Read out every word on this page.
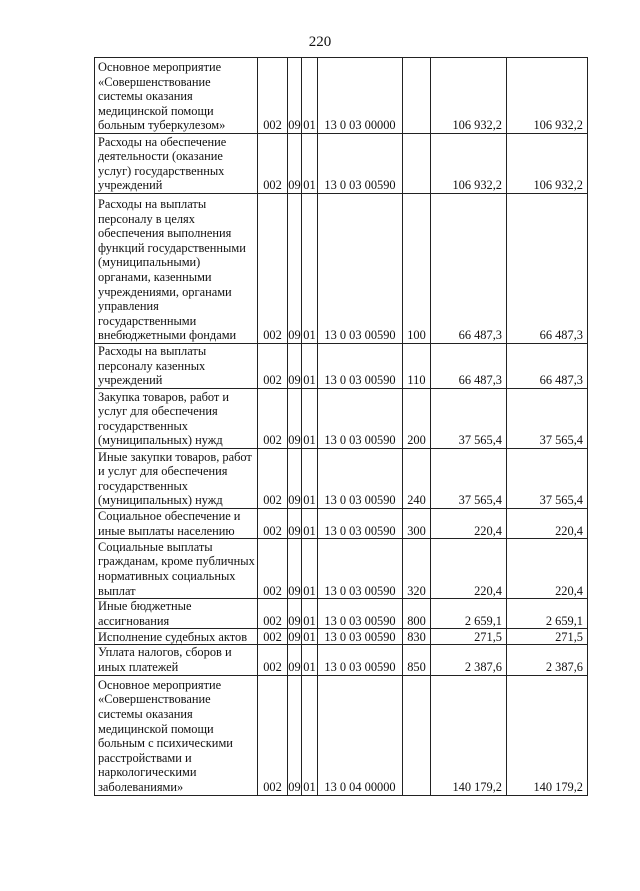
220
Основное мероприятие «Совершенствование системы оказания медицинской помощи больным туберкулезом»	002	09	01	13 0 03 00000		106 932,2	106 932,2
Расходы на обеспечение деятельности (оказание услуг) государственных учреждений	002	09	01	13 0 03 00590		106 932,2	106 932,2
Расходы на выплаты персоналу в целях обеспечения выполнения функций государственными (муниципальными) органами, казенными учреждениями, органами управления государственными внебюджетными фондами	002	09	01	13 0 03 00590	100	66 487,3	66 487,3
Расходы на выплаты персоналу казенных учреждений	002	09	01	13 0 03 00590	110	66 487,3	66 487,3
Закупка товаров, работ и услуг для обеспечения государственных (муниципальных) нужд	002	09	01	13 0 03 00590	200	37 565,4	37 565,4
Иные закупки товаров, работ и услуг для обеспечения государственных (муниципальных) нужд	002	09	01	13 0 03 00590	240	37 565,4	37 565,4
Социальное обеспечение и иные выплаты населению	002	09	01	13 0 03 00590	300	220,4	220,4
Социальные выплаты гражданам, кроме публичных нормативных социальных выплат	002	09	01	13 0 03 00590	320	220,4	220,4
Иные бюджетные ассигнования	002	09	01	13 0 03 00590	800	2 659,1	2 659,1
Исполнение судебных актов	002	09	01	13 0 03 00590	830	271,5	271,5
Уплата налогов, сборов и иных платежей	002	09	01	13 0 03 00590	850	2 387,6	2 387,6
Основное мероприятие «Совершенствование системы оказания медицинской помощи больным с психическими расстройствами и наркологическими заболеваниями»	002	09	01	13 0 04 00000		140 179,2	140 179,2
